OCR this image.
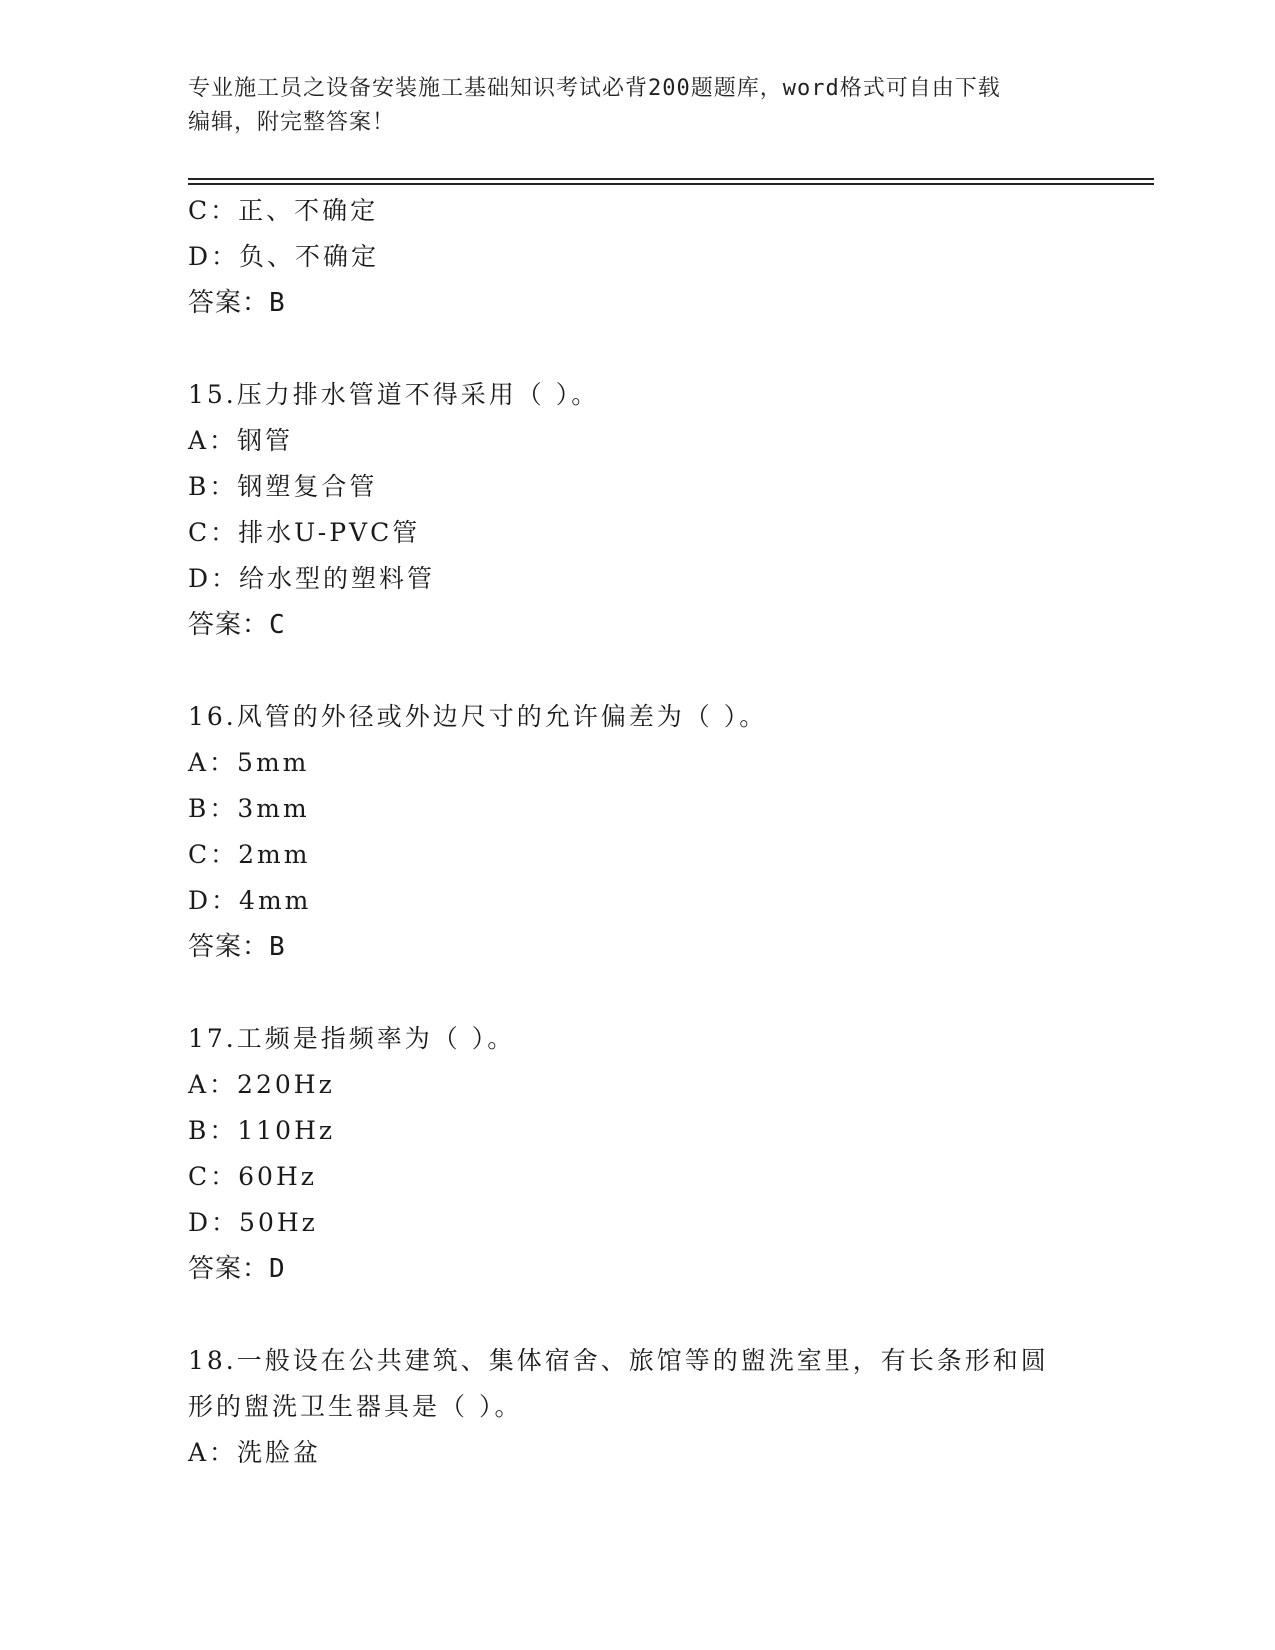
专业施工员之设备安装施工基础知识考试必背200题题库，word格式可自由下载
编辑，附完整答案！
C：正、不确定
D：负、不确定
答案：B
15.压力排水管道不得采用（ ）。
A：钢管
B：钢塑复合管
C：排水U-PVC管
D：给水型的塑料管
答案：C
16.风管的外径或外边尺寸的允许偏差为（ ）。
A：5mm
B：3mm
C：2mm
D：4mm
答案：B
17.工频是指频率为（ ）。
A：220Hz
B：110Hz
C：60Hz
D：50Hz
答案：D
18.一般设在公共建筑、集体宿舍、旅馆等的盥洗室里，有长条形和圆
形的盥洗卫生器具是（ ）。
A：洗脸盆
